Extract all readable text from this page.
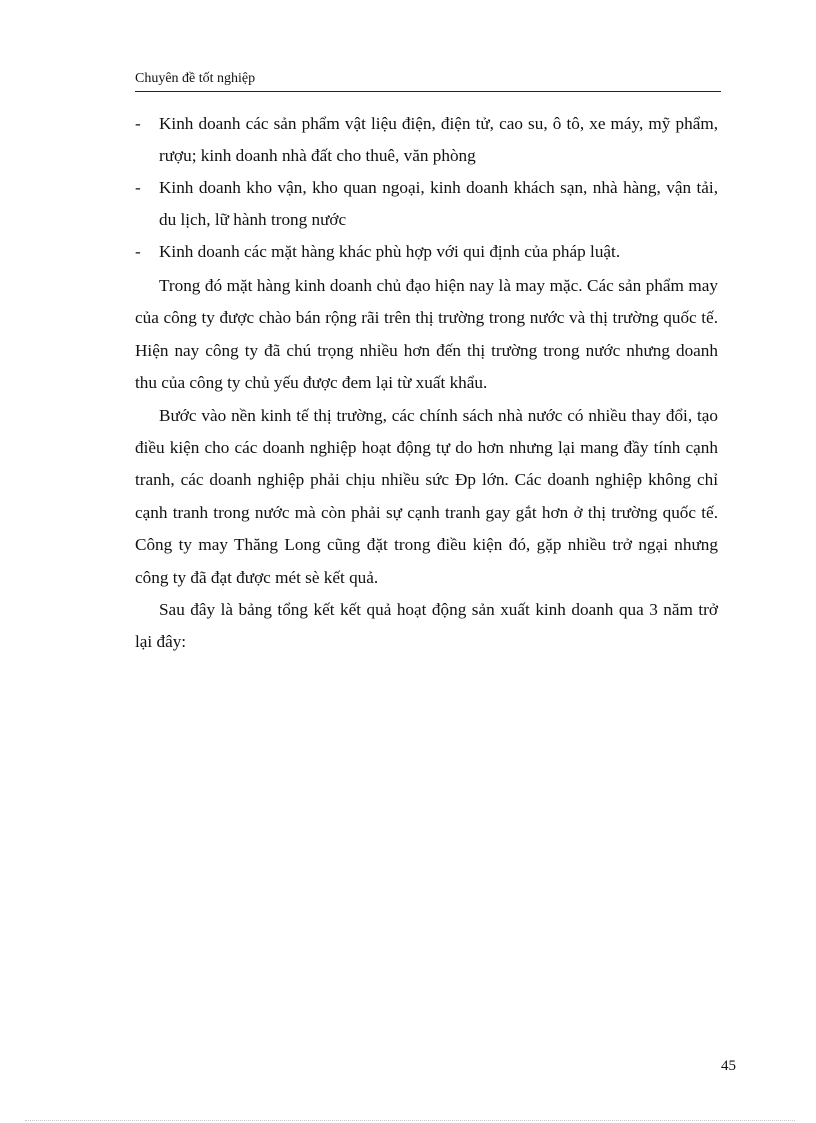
Chuyên đề tốt nghiệp

-	Kinh doanh các sản phẩm vật liệu điện, điện tử, cao su, ô tô, xe máy, mỹ phẩm, rượu; kinh doanh nhà đất cho thuê, văn phòng

-	Kinh doanh kho vận, kho quan ngoại, kinh doanh khách sạn, nhà hàng, vận tải, du lịch, lữ hành trong nước

-	Kinh doanh các mặt hàng khác phù hợp với qui định của pháp luật.

Trong đó mặt hàng kinh doanh chủ đạo hiện nay là may mặc. Các sản phẩm may của công ty được chào bán rộng rãi trên thị trường trong nước và thị trường quốc tế. Hiện nay công ty đã chú trọng nhiều hơn đến thị trường trong nước nhưng doanh thu của công ty chủ yếu được đem lại từ xuất khẩu.

Bước vào nền kinh tế thị trường, các chính sách nhà nước có nhiều thay đổi, tạo điều kiện cho các doanh nghiệp hoạt động tự do hơn nhưng lại mang đầy tính cạnh tranh, các doanh nghiệp phải chịu nhiều sức Ðp lớn. Các doanh nghiệp không chỉ cạnh tranh trong nước mà còn phải sự cạnh tranh gay gắt hơn ở thị trường quốc tế. Công ty may Thăng Long cũng đặt trong điều kiện đó, gặp nhiều trở ngại nhưng công ty đã đạt được mét sè kết quả.

Sau đây là bảng tổng kết kết quả hoạt động sản xuất kinh doanh qua 3 năm trở lại đây:

45
